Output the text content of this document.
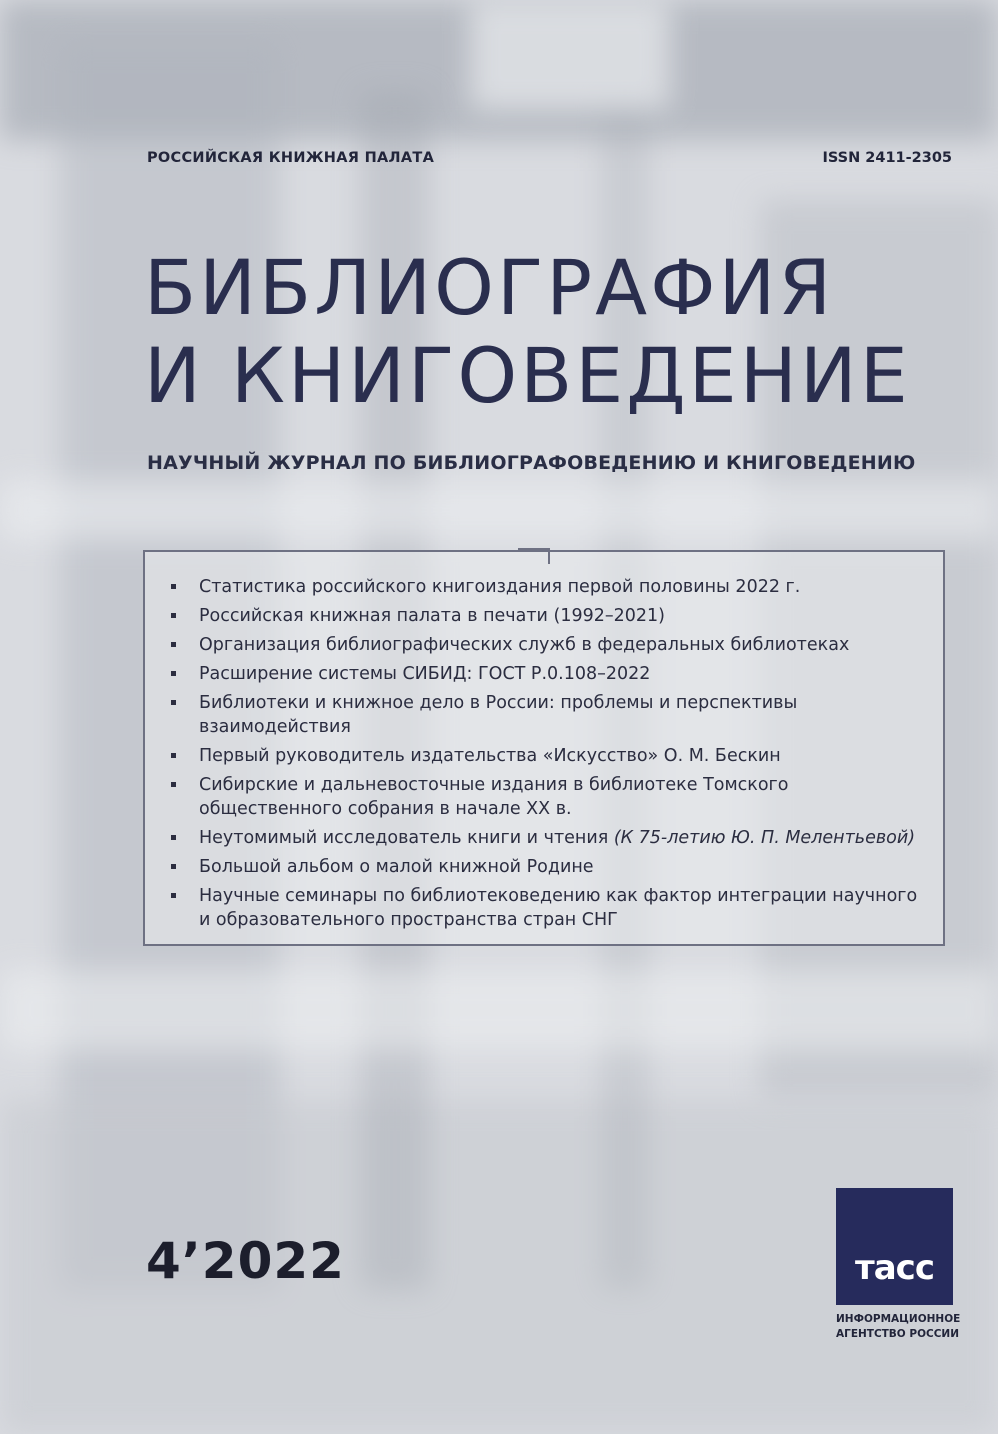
РОССИЙСКАЯ КНИЖНАЯ ПАЛАТА	ISSN 2411-2305
БИБЛИОГРАФИЯ
И КНИГОВЕДЕНИЕ
НАУЧНЫЙ ЖУРНАЛ ПО БИБЛИОГРАФОВЕДЕНИЮ И КНИГОВЕДЕНИЮ
Статистика российского книгоиздания первой половины 2022 г.
Российская книжная палата в печати (1992–2021)
Организация библиографических служб в федеральных библиотеках
Расширение системы СИБИД: ГОСТ Р.0.108–2022
Библиотеки и книжное дело в России: проблемы и перспективы взаимодействия
Первый руководитель издательства «Искусство» О. М. Бескин
Сибирские и дальневосточные издания в библиотеке Томского общественного собрания в начале XX в.
Неутомимый исследователь книги и чтения (К 75-летию Ю. П. Мелентьевой)
Большой альбом о малой книжной Родине
Научные семинары по библиотековедению как фактор интеграции научного и образовательного пространства стран СНГ
4’2022	тасс
ИНФОРМАЦИОННОЕ
АГЕНТСТВО РОССИИ
